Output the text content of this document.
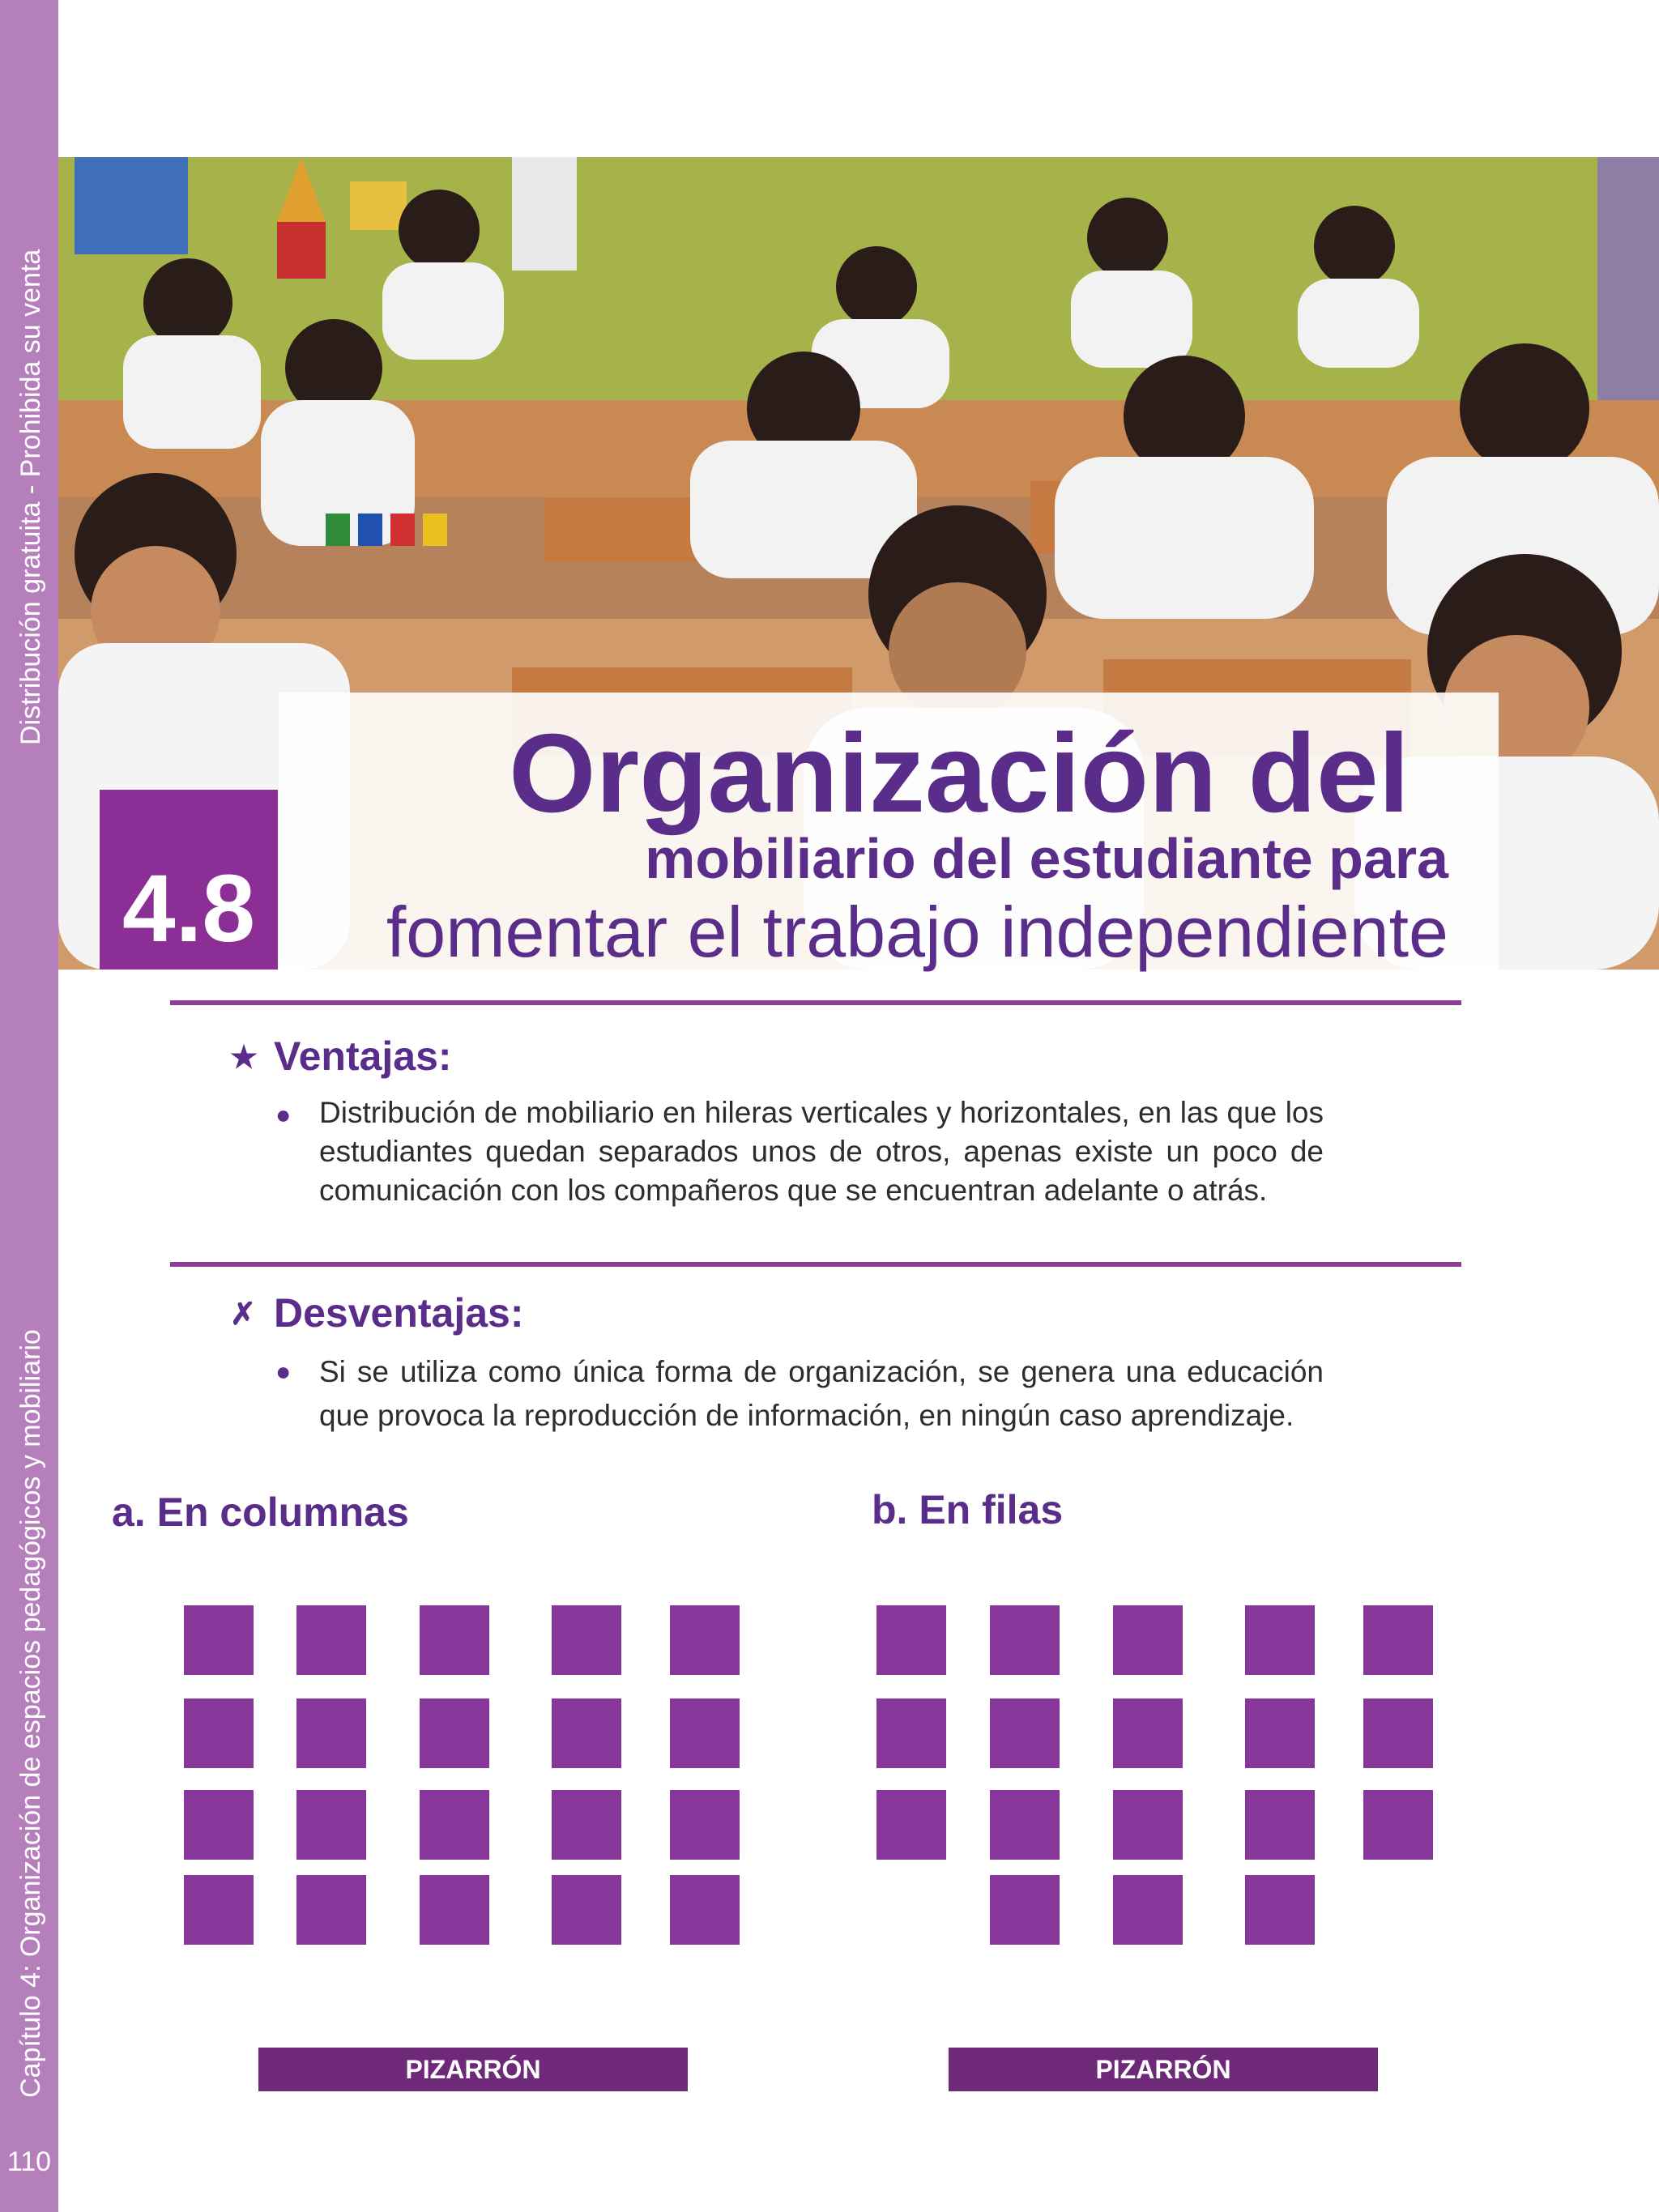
Distribución gratuita - Prohibida su venta
Capítulo 4: Organización de espacios pedagógicos y mobiliario
110
Organización del
mobiliario del estudiante para
fomentar el trabajo independiente
4.8
★ Ventajas:
● Distribución de mobiliario en hileras verticales y horizontales, en las que los estudiantes quedan separados unos de otros, apenas existe un poco de comunicación con los compañeros que se encuentran adelante o atrás.
✗ Desventajas:
● Si se utiliza como única forma de organización, se genera una educación que provoca la reproducción de información, en ningún caso aprendizaje.
a. En columnas	b. En filas
PIZARRÓN	PIZARRÓN
